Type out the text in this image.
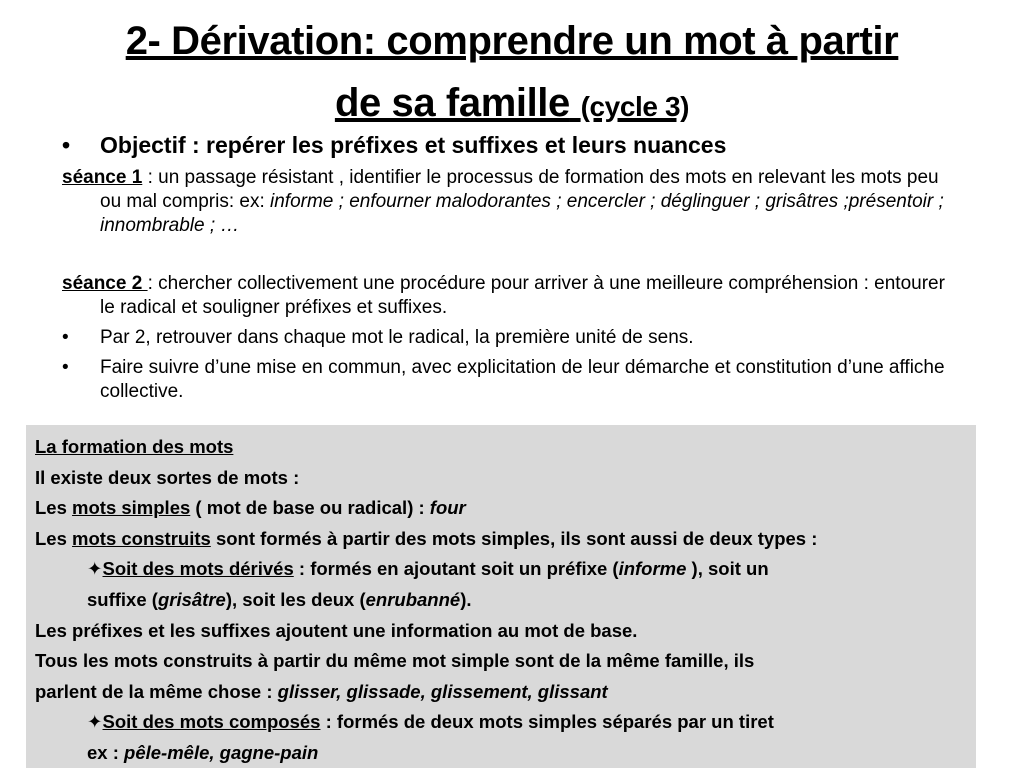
2- Dérivation: comprendre un mot à partir
de sa famille (cycle 3)

• Objectif : repérer les préfixes et suffixes et leurs nuances

séance 1 : un passage résistant , identifier le processus de formation des mots en relevant les mots peu ou mal compris: ex: informe ; enfourner malodorantes ; encercler ; déglinguer ; grisâtres ;présentoir ; innombrable ; …

séance 2 : chercher collectivement une procédure pour arriver à une meilleure compréhension : entourer le radical et souligner préfixes et suffixes.

• Par 2, retrouver dans chaque mot le radical, la première unité de sens.

• Faire suivre d’une mise en commun, avec explicitation de leur démarche et constitution d’une affiche collective.

La formation des mots

Il existe deux sortes de mots :

Les mots simples ( mot de base ou radical) : four

Les mots construits sont formés à partir des mots simples, ils sont aussi de deux types :

✦Soit des mots dérivés : formés en ajoutant soit un préfixe (informe ), soit un

suffixe (grisâtre), soit les deux (enrubanné).

Les préfixes et les suffixes ajoutent une information au mot de base.

Tous les mots construits à partir du même mot simple sont de la même famille, ils

parlent de la même chose : glisser, glissade, glissement, glissant

✦Soit des mots composés : formés de deux mots simples séparés par un tiret

ex : pêle-mêle, gagne-pain
